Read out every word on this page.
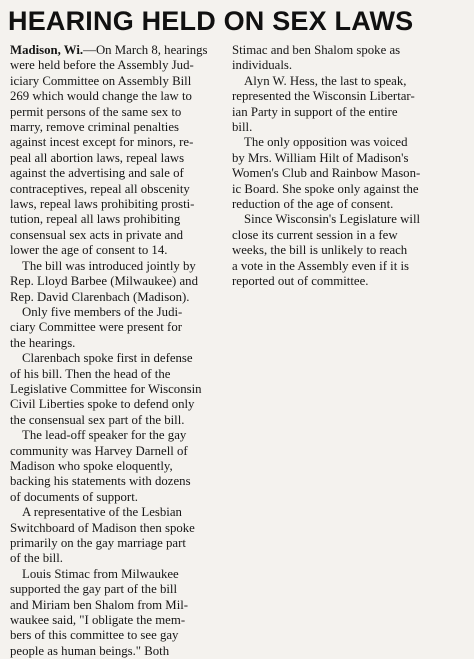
HEARING HELD ON SEX LAWS

Madison, Wi.—On March 8, hearings
were held before the Assembly Jud-
iciary Committee on Assembly Bill
269 which would change the law to
permit persons of the same sex to
marry, remove criminal penalties
against incest except for minors, re-
peal all abortion laws, repeal laws
against the advertising and sale of
contraceptives, repeal all obscenity
laws, repeal laws prohibiting prosti-
tution, repeal all laws prohibiting
consensual sex acts in private and
lower the age of consent to 14.

The bill was introduced jointly by
Rep. Lloyd Barbee (Milwaukee) and
Rep. David Clarenbach (Madison).

Only five members of the Judi-
ciary Committee were present for
the hearings.

Clarenbach spoke first in defense
of his bill. Then the head of the
Legislative Committee for Wisconsin
Civil Liberties spoke to defend only
the consensual sex part of the bill.

The lead-off speaker for the gay
community was Harvey Darnell of
Madison who spoke eloquently,
backing his statements with dozens
of documents of support.

A representative of the Lesbian
Switchboard of Madison then spoke
primarily on the gay marriage part
of the bill.

Louis Stimac from Milwaukee
supported the gay part of the bill
and Miriam ben Shalom from Mil-
waukee said, "I obligate the mem-
bers of this committee to see gay
people as human beings." Both

Stimac and ben Shalom spoke as
individuals.

Alyn W. Hess, the last to speak,
represented the Wisconsin Libertar-
ian Party in support of the entire
bill.

The only opposition was voiced
by Mrs. William Hilt of Madison's
Women's Club and Rainbow Mason-
ic Board. She spoke only against the
reduction of the age of consent.

Since Wisconsin's Legislature will
close its current session in a few
weeks, the bill is unlikely to reach
a vote in the Assembly even if it is
reported out of committee.
